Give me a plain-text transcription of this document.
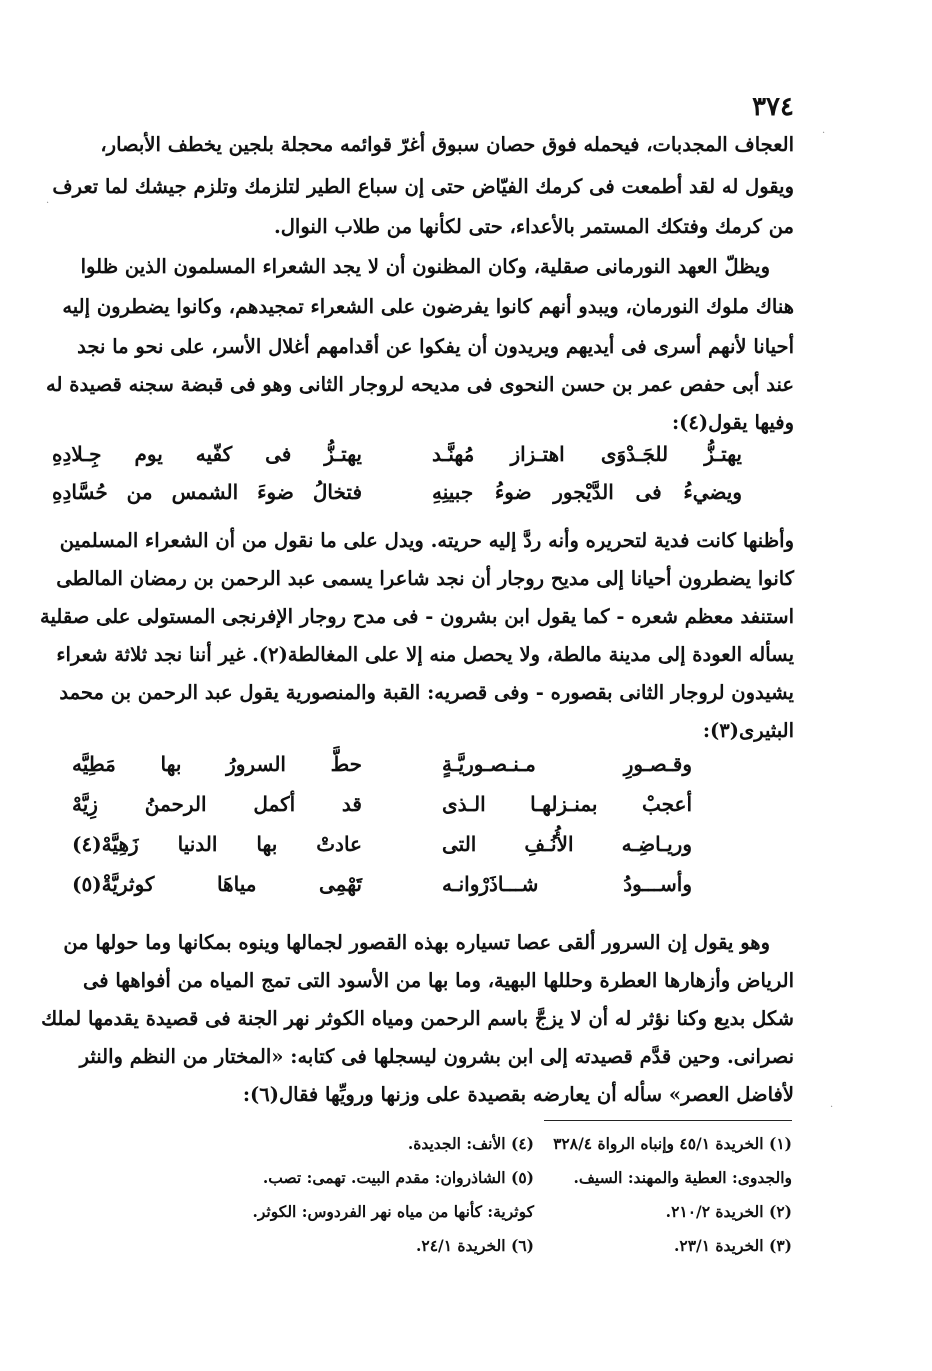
٣٧٤
العجاف المجدبات، فيحمله فوق حصان سبوق أغرّ قوائمه محجلة بلجين يخطف الأبصار،
ويقول له لقد أطمعت فى كرمك الفيّاض حتى إن سباع الطير لتلزمك وتلزم جيشك لما تعرف
من كرمك وفتكك المستمر بالأعداء، حتى لكأنها من طلاب النوال.
ويظلّ العهد النورمانى صقلية، وكان المظنون أن لا يجد الشعراء المسلمون الذين ظلوا
هناك ملوك النورمان، ويبدو أنهم كانوا يفرضون على الشعراء تمجيدهم، وكانوا يضطرون إليه
أحيانا لأنهم أسرى فى أيديهم ويريدون أن يفكوا عن أقدامهم أغلال الأسر، على نحو ما نجد
عند أبى حفص عمر بن حسن النحوى فى مديحه لروجار الثانى وهو فى قبضة سجنه قصيدة له
وفيها يقول(٤):
يهتـزُّ للجَـدْوَى اهتـزاز مُهنَّـد
يهتـزُّ فى كفّيه يوم جِـلادِهِ
ويضيءُ فى الدَّيْجور ضوءُ جبينِهِ
فتخالُ ضوءَ الشمس من حُسَّادِهِ
وأظنها كانت فدية لتحريره وأنه ردَّ إليه حريته. ويدل على ما نقول من أن الشعراء المسلمين
كانوا يضطرون أحيانا إلى مديح روجار أن نجد شاعرا يسمى عبد الرحمن بن رمضان المالطى
استنفد معظم شعره - كما يقول ابن بشرون - فى مدح روجار الإفرنجى المستولى على صقلية
يسأله العودة إلى مدينة مالطة، ولا يحصل منه إلا على المغالطة(٢). غير أننا نجد ثلاثة شعراء
يشيدون لروجار الثانى بقصوره - وفى قصريه: القبة والمنصورية يقول عبد الرحمن بن محمد
البثيرى(٣):
وقـصـورِ مـنـصـوريَّـةٍ
حطَّ السرورُ بها مَطِيَّه
أعجبْ بمنـزلهـا الـذى
قد أكمل الرحمنُ زِيَّهْ
وريـاضِـه الأُنُـفِ التى
عادتْ بها الدنيا زَهِيَّهْ(٤)
وأســـودُ شـــاذَرْوانـه
تَهْمِى مياهَا كوثريَّةْ(٥)
وهو يقول إن السرور ألقى عصا تسياره بهذه القصور لجمالها وينوه بمكانها وما حولها من
الرياض وأزهارها العطرة وحللها البهية، وما بها من الأسود التى تمج المياه من أفواهها فى
شكل بديع وكنا نؤثر له أن لا يزجَّ باسم الرحمن ومياه الكوثر نهر الجنة فى قصيدة يقدمها لملك
نصرانى. وحين قدَّم قصيدته إلى ابن بشرون ليسجلها فى كتابه: «المختار من النظم والنثر
لأفاضل العصر» سأله أن يعارضه بقصيدة على وزنها ورويِّها فقال(٦):
(١) الخريدة ٤٥/١ وإنباه الرواة ٣٢٨/٤
والجدوى: العطية والمهند: السيف.
(٢) الخريدة ٢١٠/٢.
(٣) الخريدة ٢٣/١.
(٤) الأنف: الجديدة.
(٥) الشاذروان: مقدم البيت. تهمى: تصب.
كوثرية: كأنها من مياه نهر الفردوس: الكوثر.
(٦) الخريدة ٢٤/١.
·
·
·
